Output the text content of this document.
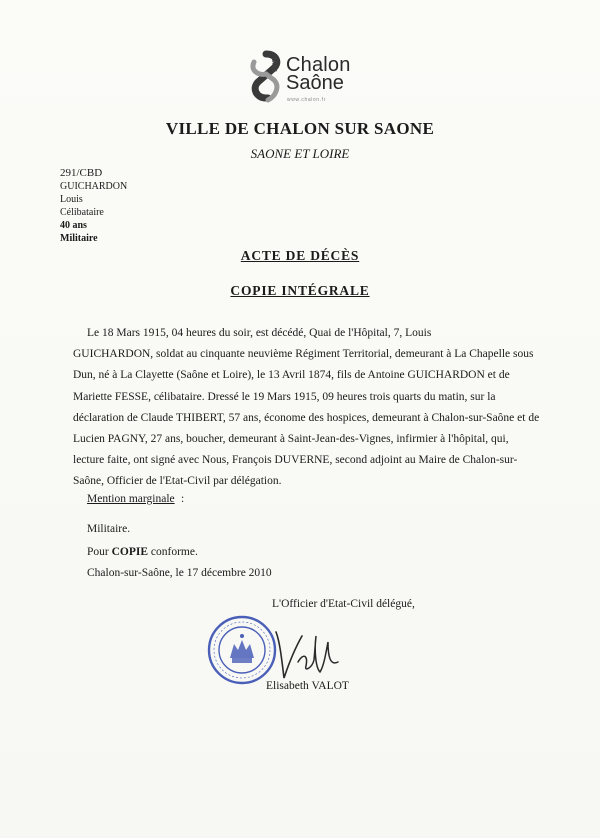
Chalon
SUR
Saône
www.chalon.fr
VILLE DE CHALON SUR SAONE
SAONE ET LOIRE
291/CBD
GUICHARDON
Louis
Célibataire
40 ans
Militaire
ACTE DE DÉCÈS
COPIE INTÉGRALE
Le 18 Mars 1915, 04 heures du soir, est décédé, Quai de l'Hôpital, 7, Louis
GUICHARDON, soldat au cinquante neuvième Régiment Territorial, demeurant à La Chapelle sous
Dun, né à La Clayette (Saône et Loire), le 13 Avril 1874, fils de Antoine GUICHARDON et de
Mariette FESSE, célibataire. Dressé le 19 Mars 1915, 09 heures trois quarts du matin, sur la
déclaration de Claude THIBERT, 57 ans, économe des hospices, demeurant à Chalon-sur-Saône et de
Lucien PAGNY, 27 ans, boucher, demeurant à Saint-Jean-des-Vignes, infirmier à l'hôpital, qui,
lecture faite, ont signé avec Nous, François DUVERNE, second adjoint au Maire de Chalon-sur-
Saône, Officier de l'Etat-Civil par délégation.
Mention marginale :
Militaire.
Pour COPIE conforme.
Chalon-sur-Saône, le 17 décembre 2010
L'Officier d'Etat-Civil délégué,
Elisabeth VALOT
